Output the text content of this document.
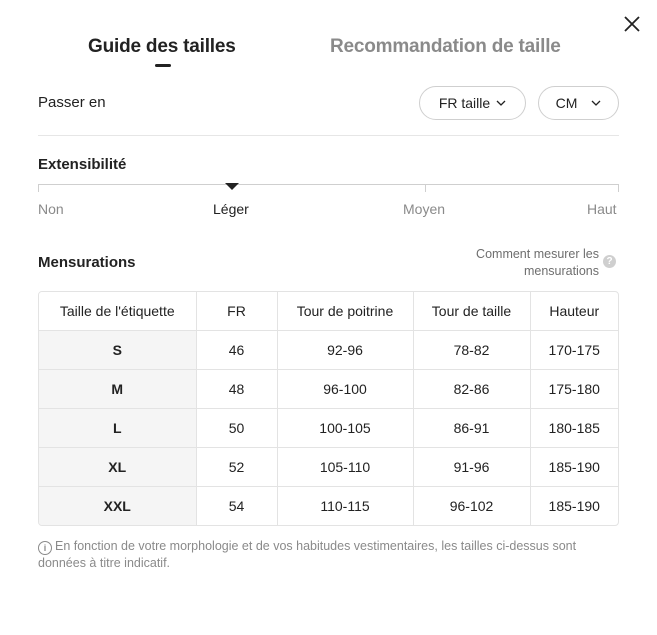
Guide des tailles	Recommandation de taille
Passer en	FR taille	CM
Extensibilité
Non	Léger	Moyen	Haut
Mensurations	Comment mesurer les mensurations
?
Taille de l'étiquette	FR	Tour de poitrine	Tour de taille	Hauteur
S	46	92-96	78-82	170-175
M	48	96-100	82-86	175-180
L	50	100-105	86-91	180-185
XL	52	105-110	91-96	185-190
XXL	54	110-115	96-102	185-190
i En fonction de votre morphologie et de vos habitudes vestimentaires, les tailles ci-dessus sont données à titre indicatif.
